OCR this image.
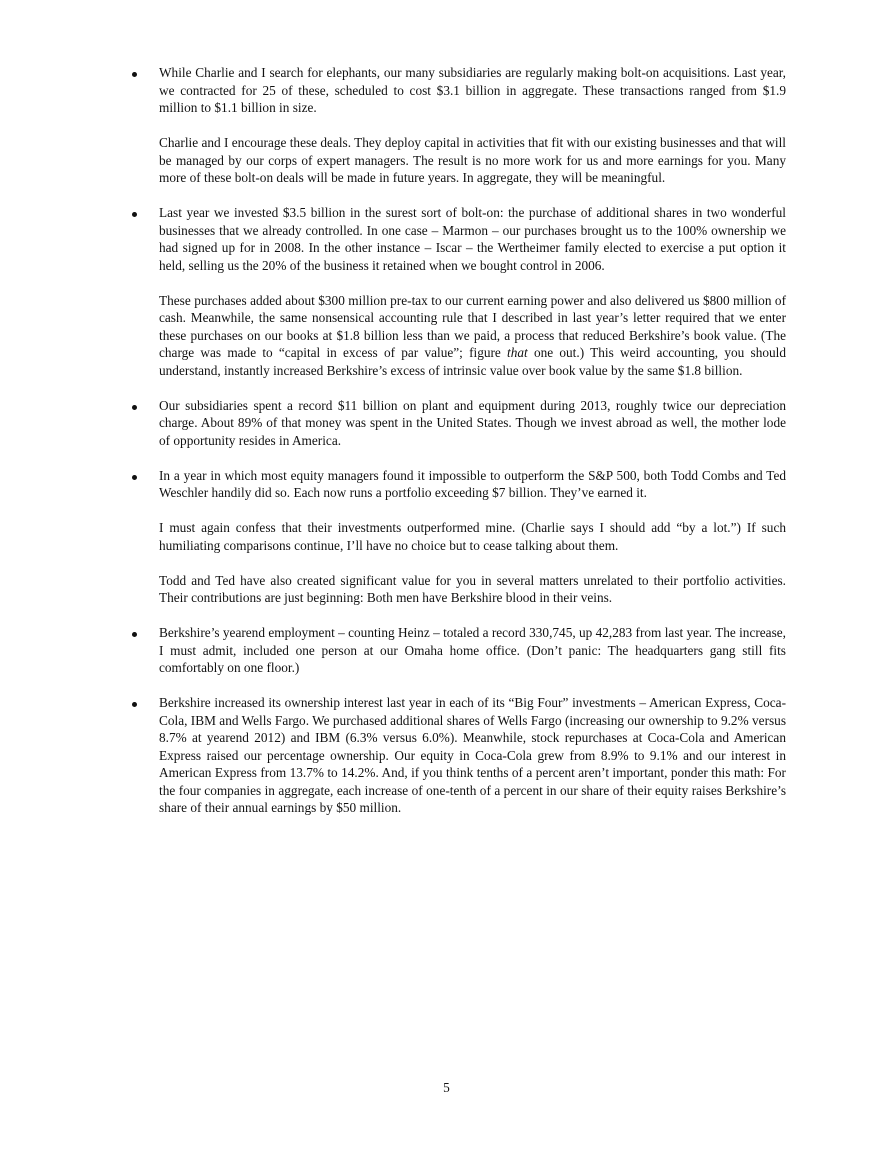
While Charlie and I search for elephants, our many subsidiaries are regularly making bolt-on acquisitions. Last year, we contracted for 25 of these, scheduled to cost $3.1 billion in aggregate. These transactions ranged from $1.9 million to $1.1 billion in size.

Charlie and I encourage these deals. They deploy capital in activities that fit with our existing businesses and that will be managed by our corps of expert managers. The result is no more work for us and more earnings for you. Many more of these bolt-on deals will be made in future years. In aggregate, they will be meaningful.

Last year we invested $3.5 billion in the surest sort of bolt-on: the purchase of additional shares in two wonderful businesses that we already controlled. In one case – Marmon – our purchases brought us to the 100% ownership we had signed up for in 2008. In the other instance – Iscar – the Wertheimer family elected to exercise a put option it held, selling us the 20% of the business it retained when we bought control in 2006.

These purchases added about $300 million pre-tax to our current earning power and also delivered us $800 million of cash. Meanwhile, the same nonsensical accounting rule that I described in last year’s letter required that we enter these purchases on our books at $1.8 billion less than we paid, a process that reduced Berkshire’s book value. (The charge was made to “capital in excess of par value”; figure that one out.) This weird accounting, you should understand, instantly increased Berkshire’s excess of intrinsic value over book value by the same $1.8 billion.

Our subsidiaries spent a record $11 billion on plant and equipment during 2013, roughly twice our depreciation charge. About 89% of that money was spent in the United States. Though we invest abroad as well, the mother lode of opportunity resides in America.

In a year in which most equity managers found it impossible to outperform the S&P 500, both Todd Combs and Ted Weschler handily did so. Each now runs a portfolio exceeding $7 billion. They’ve earned it.

I must again confess that their investments outperformed mine. (Charlie says I should add “by a lot.”) If such humiliating comparisons continue, I’ll have no choice but to cease talking about them.

Todd and Ted have also created significant value for you in several matters unrelated to their portfolio activities. Their contributions are just beginning: Both men have Berkshire blood in their veins.

Berkshire’s yearend employment – counting Heinz – totaled a record 330,745, up 42,283 from last year. The increase, I must admit, included one person at our Omaha home office. (Don’t panic: The headquarters gang still fits comfortably on one floor.)

Berkshire increased its ownership interest last year in each of its “Big Four” investments – American Express, Coca-Cola, IBM and Wells Fargo. We purchased additional shares of Wells Fargo (increasing our ownership to 9.2% versus 8.7% at yearend 2012) and IBM (6.3% versus 6.0%). Meanwhile, stock repurchases at Coca-Cola and American Express raised our percentage ownership. Our equity in Coca-Cola grew from 8.9% to 9.1% and our interest in American Express from 13.7% to 14.2%. And, if you think tenths of a percent aren’t important, ponder this math: For the four companies in aggregate, each increase of one-tenth of a percent in our share of their equity raises Berkshire’s share of their annual earnings by $50 million.

5
